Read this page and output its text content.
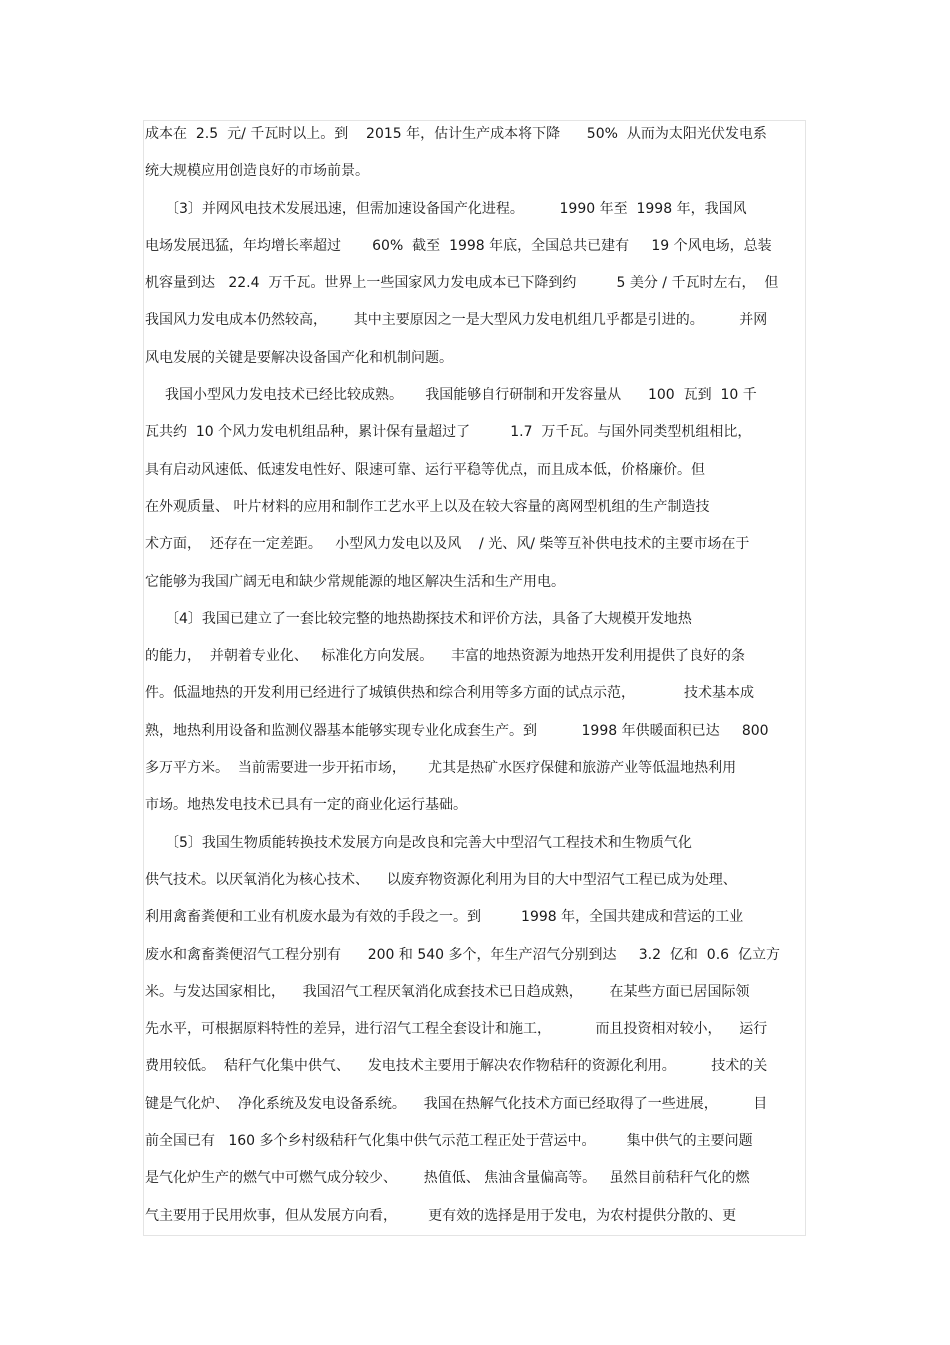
成本在  2.5  元/ 千瓦时以上。到    2015 年，估计生产成本将下降      50%  从而为太阳光伏发电系
统大规模应用创造良好的市场前景。
〔3〕并网风电技术发展迅速，但需加速设备国产化进程。        1990 年至  1998 年，我国风
电场发展迅猛，年均增长率超过       60%  截至  1998 年底，全国总共已建有     19 个风电场，总装
机容量到达   22.4  万千瓦。世界上一些国家风力发电成本已下降到约         5 美分 / 千瓦时左右，  但
我国风力发电成本仍然较高，      其中主要原因之一是大型风力发电机组几乎都是引进的。        并网
风电发展的关键是要解决设备国产化和机制问题。
我国小型风力发电技术已经比较成熟。     我国能够自行研制和开发容量从      100  瓦到  10 千
瓦共约  10 个风力发电机组品种，累计保有量超过了         1.7  万千瓦。与国外同类型机组相比，
具有启动风速低、低速发电性好、限速可靠、运行平稳等优点，而且成本低，价格廉价。但
在外观质量、 叶片材料的应用和制作工艺水平上以及在较大容量的离网型机组的生产制造技
术方面，  还存在一定差距。   小型风力发电以及风    / 光、风/ 柴等互补供电技术的主要市场在于
它能够为我国广阔无电和缺少常规能源的地区解决生活和生产用电。
〔4〕我国已建立了一套比较完整的地热勘探技术和评价方法，具备了大规模开发地热
的能力，  并朝着专业化、   标准化方向发展。    丰富的地热资源为地热开发利用提供了良好的条
件。低温地热的开发利用已经进行了城镇供热和综合利用等多方面的试点示范，           技术基本成
熟，地热利用设备和监测仪器基本能够实现专业化成套生产。到          1998 年供暖面积已达     800
多万平方米。  当前需要进一步开拓市场，     尤其是热矿水医疗保健和旅游产业等低温地热利用
市场。地热发电技术已具有一定的商业化运行基础。
〔5〕我国生物质能转换技术发展方向是改良和完善大中型沼气工程技术和生物质气化
供气技术。以厌氧消化为核心技术、    以废弃物资源化利用为目的大中型沼气工程已成为处理、
利用禽畜粪便和工业有机废水最为有效的手段之一。到         1998 年，全国共建成和营运的工业
废水和禽畜粪便沼气工程分别有      200 和 540 多个，年生产沼气分别到达     3.2  亿和  0.6  亿立方
米。与发达国家相比，    我国沼气工程厌氧消化成套技术已日趋成熟，      在某些方面已居国际领
先水平，可根据原料特性的差异，进行沼气工程全套设计和施工，          而且投资相对较小，    运行
费用较低。  秸秆气化集中供气、    发电技术主要用于解决农作物秸秆的资源化利用。        技术的关
键是气化炉、  净化系统及发电设备系统。    我国在热解气化技术方面已经取得了一些进展，        目
前全国已有   160 多个乡村级秸秆气化集中供气示范工程正处于营运中。       集中供气的主要问题
是气化炉生产的燃气中可燃气成分较少、      热值低、 焦油含量偏高等。   虽然目前秸秆气化的燃
气主要用于民用炊事，但从发展方向看，       更有效的选择是用于发电，为农村提供分散的、更
